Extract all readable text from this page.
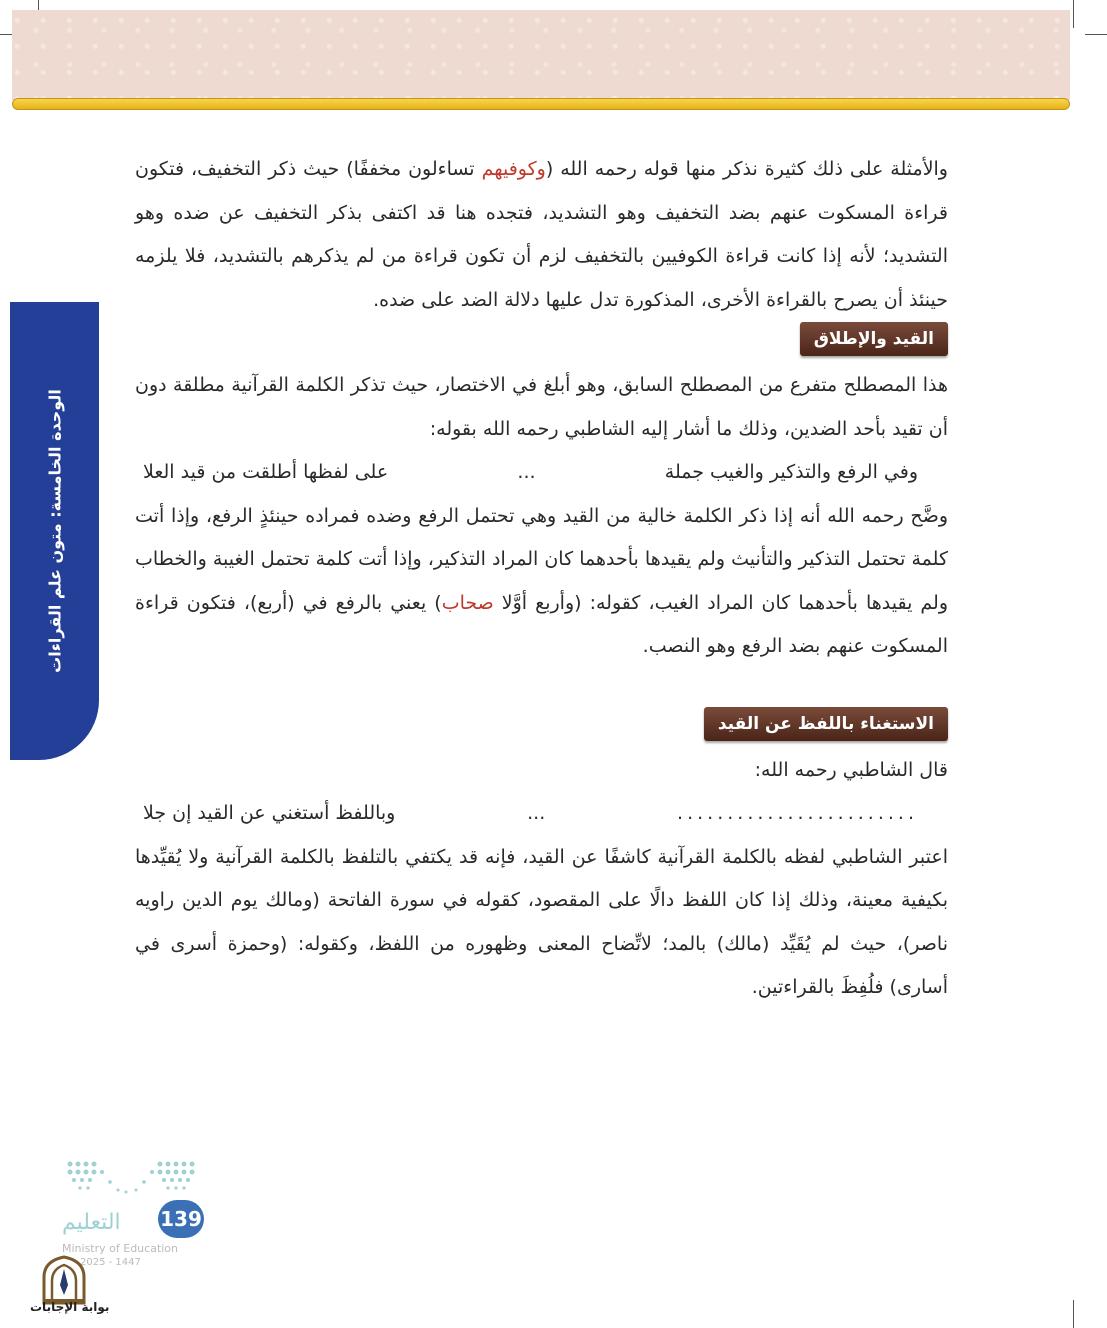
الوحدة الخامسة: متون علم القراءات

والأمثلة على ذلك كثيرة نذكر منها قوله رحمه الله (وكوفيهم تساءلون مخففًا) حيث ذكر التخفيف، فتكون قراءة المسكوت عنهم بضد التخفيف وهو التشديد، فتجده هنا قد اكتفى بذكر التخفيف عن ضده وهو التشديد؛ لأنه إذا كانت قراءة الكوفيين بالتخفيف لزم أن تكون قراءة من لم يذكرهم بالتشديد، فلا يلزمه حينئذ أن يصرح بالقراءة الأخرى، المذكورة تدل عليها دلالة الضد على ضده.

القيد والإطلاق

هذا المصطلح متفرع من المصطلح السابق، وهو أبلغ في الاختصار، حيث تذكر الكلمة القرآنية مطلقة دون أن تقيد بأحد الضدين، وذلك ما أشار إليه الشاطبي رحمه الله بقوله:

وفي الرفع والتذكير والغيب جملة
...
على لفظها أطلقت من قيد العلا

وضَّح رحمه الله أنه إذا ذكر الكلمة خالية من القيد وهي تحتمل الرفع وضده فمراده حينئذٍ الرفع، وإذا أتت كلمة تحتمل التذكير والتأنيث ولم يقيدها بأحدهما كان المراد التذكير، وإذا أتت كلمة تحتمل الغيبة والخطاب ولم يقيدها بأحدهما كان المراد الغيب، كقوله: (وأربع أوَّلا صحاب) يعني بالرفع في (أربع)، فتكون قراءة المسكوت عنهم بضد الرفع وهو النصب.

الاستغناء باللفظ عن القيد

قال الشاطبي رحمه الله:

........................
...
وباللفظ أستغني عن القيد إن جلا

اعتبر الشاطبي لفظه بالكلمة القرآنية كاشفًا عن القيد، فإنه قد يكتفي بالتلفظ بالكلمة القرآنية ولا يُقيِّدها بكيفية معينة، وذلك إذا كان اللفظ دالًا على المقصود، كقوله في سورة الفاتحة (ومالك يوم الدين راويه ناصر)، حيث لم يُقَيِّد (مالك) بالمد؛ لاتِّضاح المعنى وظهوره من اللفظ، وكقوله: (وحمزة أسرى في أسارى) فلُفِظَ بالقراءتين.

التعليم
Ministry of Education
2025 - 1447
139
بوابة الإجابات
